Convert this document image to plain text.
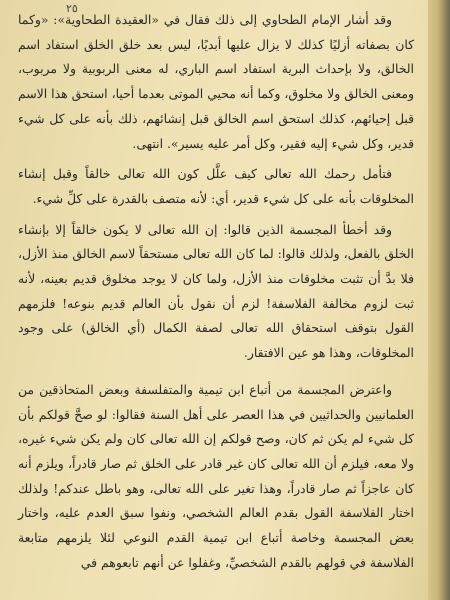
٢٥

وقد أشار الإمام الطحاوي إلى ذلك فقال في «العقيدة الطحاوية»: «وكما كان بصفاته أزليًا كذلك لا يزال عليها أبديًا، ليس بعد خلق الخلق استفاد اسم الخالق، ولا بإحداث البرية استفاد اسم الباري، له معنى الربوبية ولا مربوب، ومعنى الخالق ولا مخلوق، وكما أنه محيي الموتى بعدما أحيا، استحق هذا الاسم قبل إحيائهم، كذلك استحق اسم الخالق قبل إنشائهم، ذلك بأنه على كل شيء قدير، وكل شيء إليه فقير، وكل أمر عليه يسير». انتهى.

فتأمل رحمك الله تعالى كيف علَّل كون الله تعالى خالقاً وقبل إنشاء المخلوقات بأنه على كل شيء قدير، أي: لأنه متصف بالقدرة على كلِّ شيء.

وقد أخطأ المجسمة الذين قالوا: إن الله تعالى لا يكون خالقاً إلا بإنشاء الخلق بالفعل، ولذلك قالوا: لما كان الله تعالى مستحقاً لاسم الخالق منذ الأزل، فلا بدَّ أن تثبت مخلوقات منذ الأزل، ولما كان لا يوجد مخلوق قديم بعينه، لأنه ثبت لزوم مخالفة الفلاسفة! لزم أن نقول بأن العالم قديم بنوعه! فلزمهم القول بتوقف استحقاق الله تعالى لصفة الكمال (أي الخالق) على وجود المخلوقات، وهذا هو عين الافتقار.

واعترض المجسمة من أتباع ابن تيمية والمتفلسفة وبعض المتحاذقين من العلمانيين والحداثيين في هذا العصر على أهل السنة فقالوا: لو صحَّ قولكم بأن كل شيء لم يكن ثم كان، وصح قولكم إن الله تعالى كان ولم يكن شيء غيره، ولا معه، فيلزم أن الله تعالى كان غير قادر على الخلق ثم صار قادراً، ويلزم أنه كان عاجزاً ثم صار قادراً، وهذا تغير على الله تعالى، وهو باطل عندكم! ولذلك اختار الفلاسفة القول بقدم العالم الشخصي، ونفوا سبق العدم عليه، واختار بعض المجسمة وخاصة أتباع ابن تيمية القدم النوعي لئلا يلزمهم متابعة الفلاسفة في قولهم بالقدم الشخصيِّ، وغفلوا عن أنهم تابعوهم في
